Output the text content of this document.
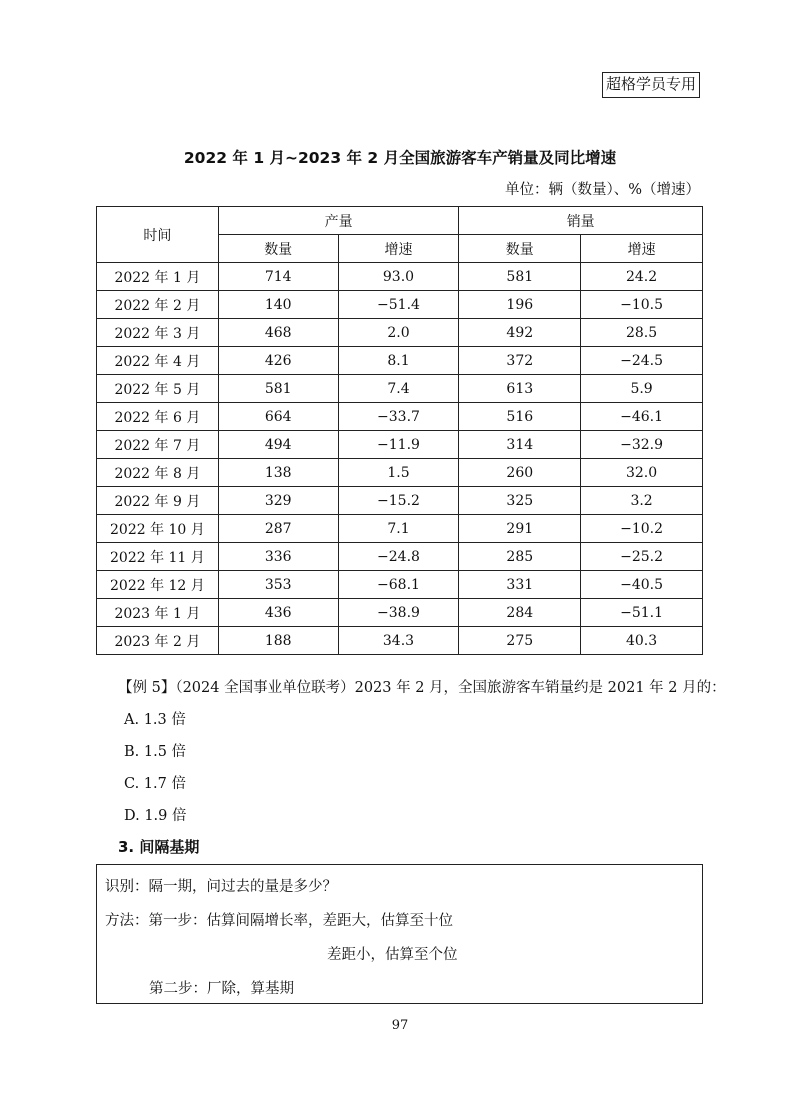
超格学员专用
2022 年 1 月~2023 年 2 月全国旅游客车产销量及同比增速
单位：辆（数量）、%（增速）
时间	产量		销量	
	数量	增速	数量	增速
2022 年 1 月	714	93.0	581	24.2
2022 年 2 月	140	−51.4	196	−10.5
2022 年 3 月	468	2.0	492	28.5
2022 年 4 月	426	8.1	372	−24.5
2022 年 5 月	581	7.4	613	5.9
2022 年 6 月	664	−33.7	516	−46.1
2022 年 7 月	494	−11.9	314	−32.9
2022 年 8 月	138	1.5	260	32.0
2022 年 9 月	329	−15.2	325	3.2
2022 年 10 月	287	7.1	291	−10.2
2022 年 11 月	336	−24.8	285	−25.2
2022 年 12 月	353	−68.1	331	−40.5
2023 年 1 月	436	−38.9	284	−51.1
2023 年 2 月	188	34.3	275	40.3
【例 5】（2024 全国事业单位联考）2023 年 2 月，全国旅游客车销量约是 2021 年 2 月的：
A. 1.3 倍
B. 1.5 倍
C. 1.7 倍
D. 1.9 倍
3. 间隔基期
识别：隔一期，问过去的量是多少？
方法：第一步：估算间隔增长率，差距大，估算至十位
差距小，估算至个位
第二步：厂除，算基期
97
